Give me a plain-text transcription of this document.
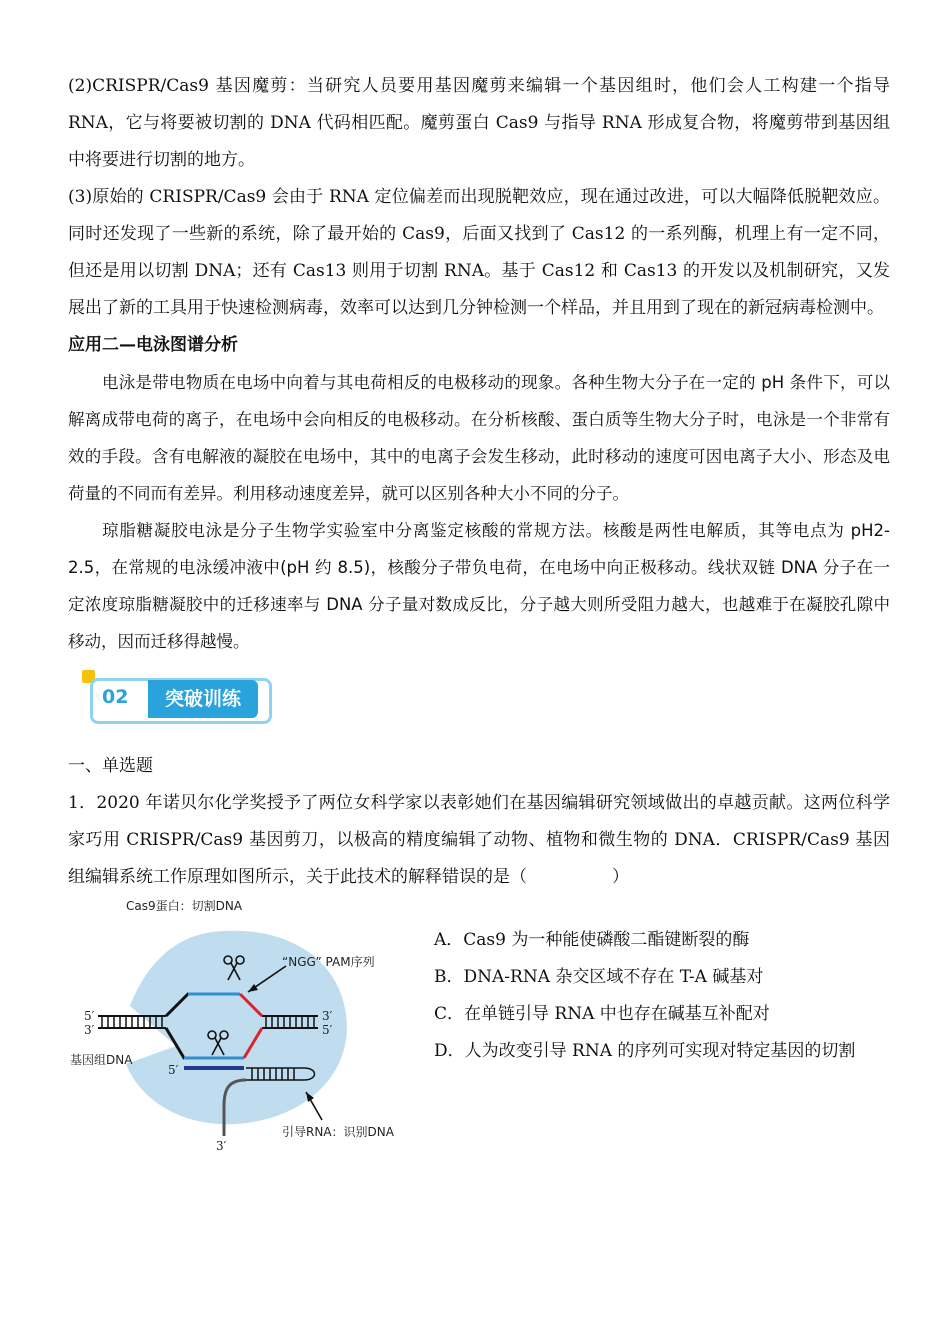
(2)CRISPR/Cas9 基因魔剪：当研究人员要用基因魔剪来编辑一个基因组时，他们会人工构建一个指导 RNA，它与将要被切割的 DNA 代码相匹配。魔剪蛋白 Cas9 与指导 RNA 形成复合物，将魔剪带到基因组中将要进行切割的地方。

(3)原始的 CRISPR/Cas9 会由于 RNA 定位偏差而出现脱靶效应，现在通过改进，可以大幅降低脱靶效应。同时还发现了一些新的系统，除了最开始的 Cas9，后面又找到了 Cas12 的一系列酶，机理上有一定不同，但还是用以切割 DNA；还有 Cas13 则用于切割 RNA。基于 Cas12 和 Cas13 的开发以及机制研究，又发展出了新的工具用于快速检测病毒，效率可以达到几分钟检测一个样品，并且用到了现在的新冠病毒检测中。

应用二—电泳图谱分析

电泳是带电物质在电场中向着与其电荷相反的电极移动的现象。各种生物大分子在一定的 pH 条件下，可以解离成带电荷的离子，在电场中会向相反的电极移动。在分析核酸、蛋白质等生物大分子时，电泳是一个非常有效的手段。含有电解液的凝胶在电场中，其中的电离子会发生移动，此时移动的速度可因电离子大小、形态及电荷量的不同而有差异。利用移动速度差异，就可以区别各种大小不同的分子。

琼脂糖凝胶电泳是分子生物学实验室中分离鉴定核酸的常规方法。核酸是两性电解质，其等电点为 pH2-2.5，在常规的电泳缓冲液中(pH 约 8.5)，核酸分子带负电荷，在电场中向正极移动。线状双链 DNA 分子在一定浓度琼脂糖凝胶中的迁移速率与 DNA 分子量对数成反比，分子越大则所受阻力越大，也越难于在凝胶孔隙中移动，因而迁移得越慢。

02	突破训练

一、单选题

1．2020 年诺贝尔化学奖授予了两位女科学家以表彰她们在基因编辑研究领域做出的卓越贡献。这两位科学家巧用 CRISPR/Cas9 基因剪刀，以极高的精度编辑了动物、植物和微生物的 DNA．CRISPR/Cas9 基因组编辑系统工作原理如图所示，关于此技术的解释错误的是（　　　　　）

Cas9蛋白：切割DNA
“NGG” PAM序列
基因组DNA
引导RNA：识别DNA
5′
3′
3′
5′
5′
3′

A．Cas9 为一种能使磷酸二酯键断裂的酶

B．DNA-RNA 杂交区域不存在 T-A 碱基对

C．在单链引导 RNA 中也存在碱基互补配对

D．人为改变引导 RNA 的序列可实现对特定基因的切割
